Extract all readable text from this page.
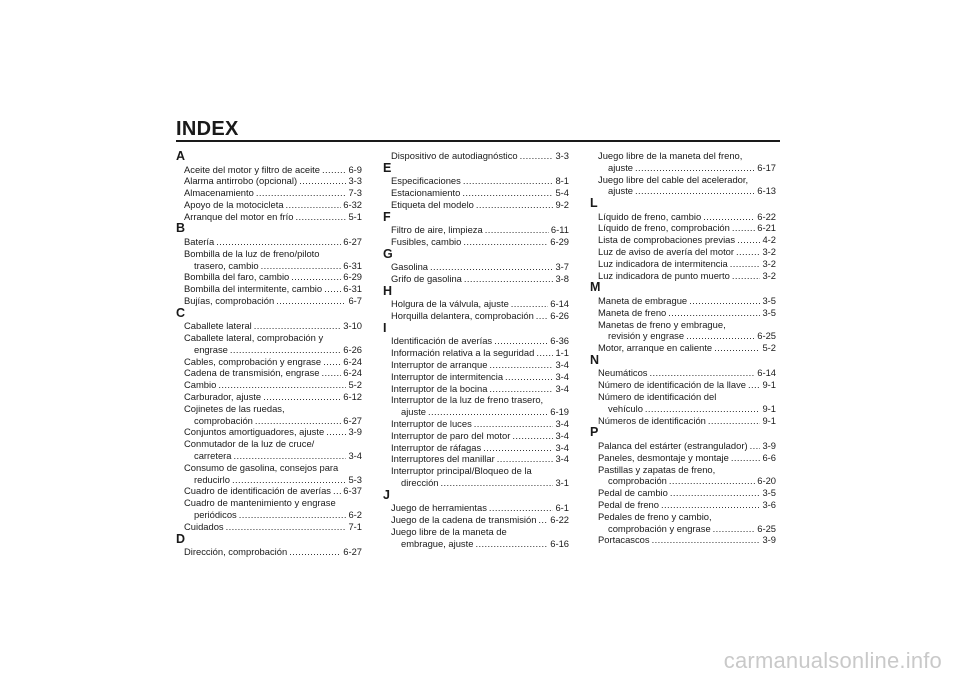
INDEX
A
Aceite del motor y filtro de aceite .....	6-9
Alarma antirrobo (opcional) .....	3-3
Almacenamiento .....	7-3
Apoyo de la motocicleta .....	6-32
Arranque del motor en frío .....	5-1
B
Batería .....	6-27
Bombilla de la luz de freno/piloto
trasero, cambio .....	6-31
Bombilla del faro, cambio .....	6-29
Bombilla del intermitente, cambio ..... 6-31
Bujías, comprobación .....	6-7
C
Caballete lateral .....	3-10
Caballete lateral, comprobación y
engrase .....	6-26
Cables, comprobación y engrase ..... 6-24
Cadena de transmisión, engrase .....	6-24
Cambio .....	5-2
Carburador, ajuste .....	6-12
Cojinetes de las ruedas,
comprobación .....	6-27
Conjuntos amortiguadores, ajuste .....	3-9
Conmutador de la luz de cruce/
carretera .....	3-4
Consumo de gasolina, consejos para
reducirlo .....	5-3
Cuadro de identificación de averías ..... 6-37
Cuadro de mantenimiento y engrase
periódicos .....	6-2
Cuidados .....	7-1
D
Dirección, comprobación .....	6-27
Dispositivo de autodiagnóstico .....	3-3
E
Especificaciones .....	8-1
Estacionamiento .....	5-4
Etiqueta del modelo .....	9-2
F
Filtro de aire, limpieza .....	6-11
Fusibles, cambio .....	6-29
G
Gasolina .....	3-7
Grifo de gasolina .....	3-8
H
Holgura de la válvula, ajuste .....	6-14
Horquilla delantera, comprobación ..... 6-26
I
Identificación de averías .....	6-36
Información relativa a la seguridad ..... 1-1
Interruptor de arranque .....	3-4
Interruptor de intermitencia .....	3-4
Interruptor de la bocina .....	3-4
Interruptor de la luz de freno trasero,
ajuste .....	6-19
Interruptor de luces .....	3-4
Interruptor de paro del motor .....	3-4
Interruptor de ráfagas .....	3-4
Interruptores del manillar .....	3-4
Interruptor principal/Bloqueo de la
dirección .....	3-1
J
Juego de herramientas .....	6-1
Juego de la cadena de transmisión ..... 6-22
Juego libre de la maneta de
embrague, ajuste .....	6-16
Juego libre de la maneta del freno,
ajuste .....	6-17
Juego libre del cable del acelerador,
ajuste .....	6-13
L
Líquido de freno, cambio .....	6-22
Líquido de freno, comprobación .....	6-21
Lista de comprobaciones previas .....	4-2
Luz de aviso de avería del motor .....	3-2
Luz indicadora de intermitencia .....	3-2
Luz indicadora de punto muerto .....	3-2
M
Maneta de embrague .....	3-5
Maneta de freno .....	3-5
Manetas de freno y embrague,
revisión y engrase .....	6-25
Motor, arranque en caliente .....	5-2
N
Neumáticos .....	6-14
Número de identificación de la llave ..... 9-1
Número de identificación del
vehículo .....	9-1
Números de identificación .....	9-1
P
Palanca del estárter (estrangulador) ..... 3-9
Paneles, desmontaje y montaje .....	6-6
Pastillas y zapatas de freno,
comprobación .....	6-20
Pedal de cambio .....	3-5
Pedal de freno .....	3-6
Pedales de freno y cambio,
comprobación y engrase .....	6-25
Portacascos .....	3-9
carmanualsonline.info
